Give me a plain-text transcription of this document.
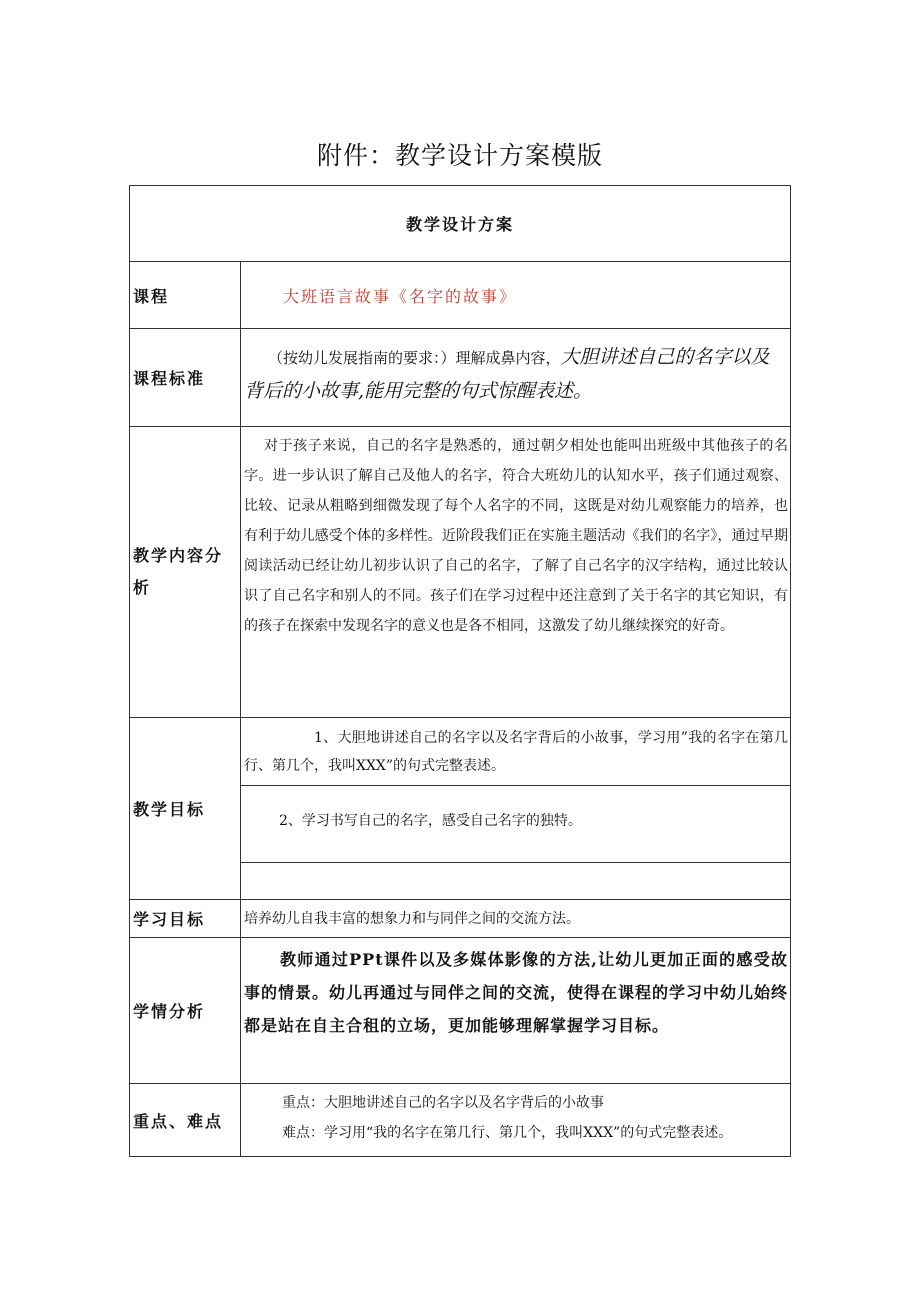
附件：教学设计方案模版
教学设计方案
课程	大班语言故事《名字的故事》
课程标准
（按幼儿发展指南的要求：）理解成鼻内容，大胆讲述自己的名字以及背后的小故事,能用完整的句式惊醒表述。
教学内容分析
对于孩子来说，自己的名字是熟悉的，通过朝夕相处也能叫出班级中其他孩子的名字。进一步认识了解自己及他人的名字，符合大班幼儿的认知水平，孩子们通过观察、比较、记录从粗略到细微发现了每个人名字的不同，这既是对幼儿观察能力的培养，也有利于幼儿感受个体的多样性。近阶段我们正在实施主题活动《我们的名字》，通过早期阅读活动已经让幼儿初步认识了自己的名字，了解了自己名字的汉字结构，通过比较认识了自己名字和别人的不同。孩子们在学习过程中还注意到了关于名字的其它知识，有的孩子在探索中发现名字的意义也是各不相同，这激发了幼儿继续探究的好奇。
教学目标
1、大胆地讲述自己的名字以及名字背后的小故事，学习用”我的名字在第几行、第几个，我叫XXX”的句式完整表述。
2、学习书写自己的名字，感受自己名字的独特。
学习目标	培养幼儿自我丰富的想象力和与同伴之间的交流方法。
学情分析
教师通过PPt课件以及多媒体影像的方法,让幼儿更加正面的感受故事的情景。幼儿再通过与同伴之间的交流，使得在课程的学习中幼儿始终都是站在自主合租的立场，更加能够理解掌握学习目标。
重点、难点
重点：大胆地讲述自己的名字以及名字背后的小故事
难点：学习用“我的名字在第几行、第几个，我叫XXX”的句式完整表述。
